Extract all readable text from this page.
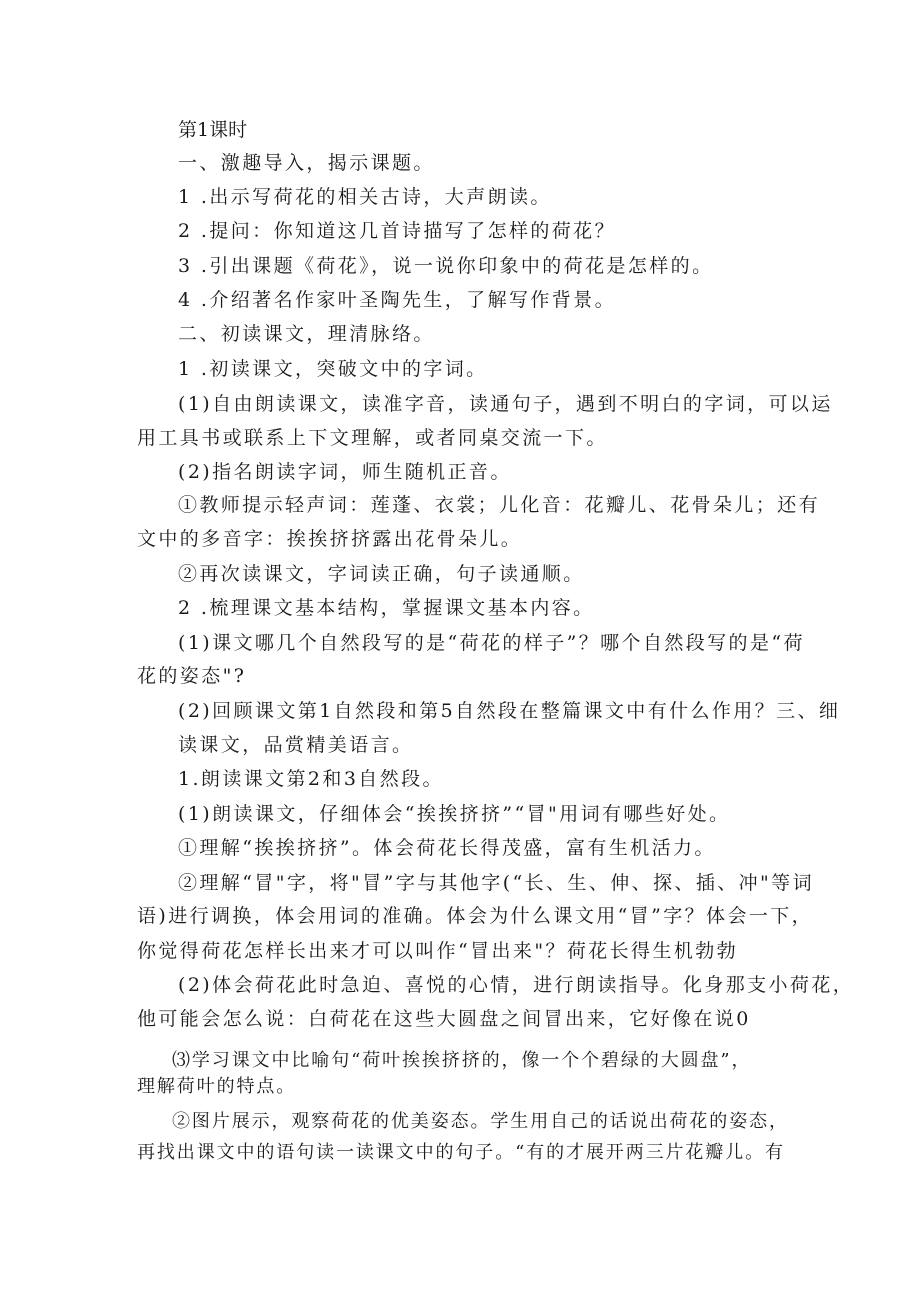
第1课时
一、激趣导入，揭示课题。
1 .出示写荷花的相关古诗，大声朗读。
2 .提问：你知道这几首诗描写了怎样的荷花？
3 .引出课题《荷花》，说一说你印象中的荷花是怎样的。
4 .介绍著名作家叶圣陶先生，了解写作背景。
二、初读课文，理清脉络。
1 .初读课文，突破文中的字词。
(1)自由朗读课文，读准字音，读通句子，遇到不明白的字词，可以运
用工具书或联系上下文理解，或者同桌交流一下。
(2)指名朗读字词，师生随机正音。
①教师提示轻声词：莲蓬、衣裳；儿化音：花瓣儿、花骨朵儿；还有
文中的多音字：挨挨挤挤露出花骨朵儿。
②再次读课文，字词读正确，句子读通顺。
2 .梳理课文基本结构，掌握课文基本内容。
(1)课文哪几个自然段写的是“荷花的样子”？哪个自然段写的是“荷
花的姿态"?
(2)回顾课文第1自然段和第5自然段在整篇课文中有什么作用？三、细
读课文，品赏精美语言。
1.朗读课文第2和3自然段。
(1)朗读课文，仔细体会“挨挨挤挤”“冒"用词有哪些好处。
①理解“挨挨挤挤”。体会荷花长得茂盛，富有生机活力。
②理解“冒"字，将"冒”字与其他字(“长、生、伸、探、插、冲"等词
语)进行调换，体会用词的准确。体会为什么课文用“冒”字？体会一下，
你觉得荷花怎样长出来才可以叫作“冒出来"？荷花长得生机勃勃
(2)体会荷花此时急迫、喜悦的心情，进行朗读指导。化身那支小荷花，
他可能会怎么说：白荷花在这些大圆盘之间冒出来，它好像在说0
⑶学习课文中比喻句“荷叶挨挨挤挤的，像一个个碧绿的大圆盘”，
理解荷叶的特点。
②图片展示，观察荷花的优美姿态。学生用自己的话说出荷花的姿态，
再找出课文中的语句读一读课文中的句子。“有的才展开两三片花瓣儿。有
